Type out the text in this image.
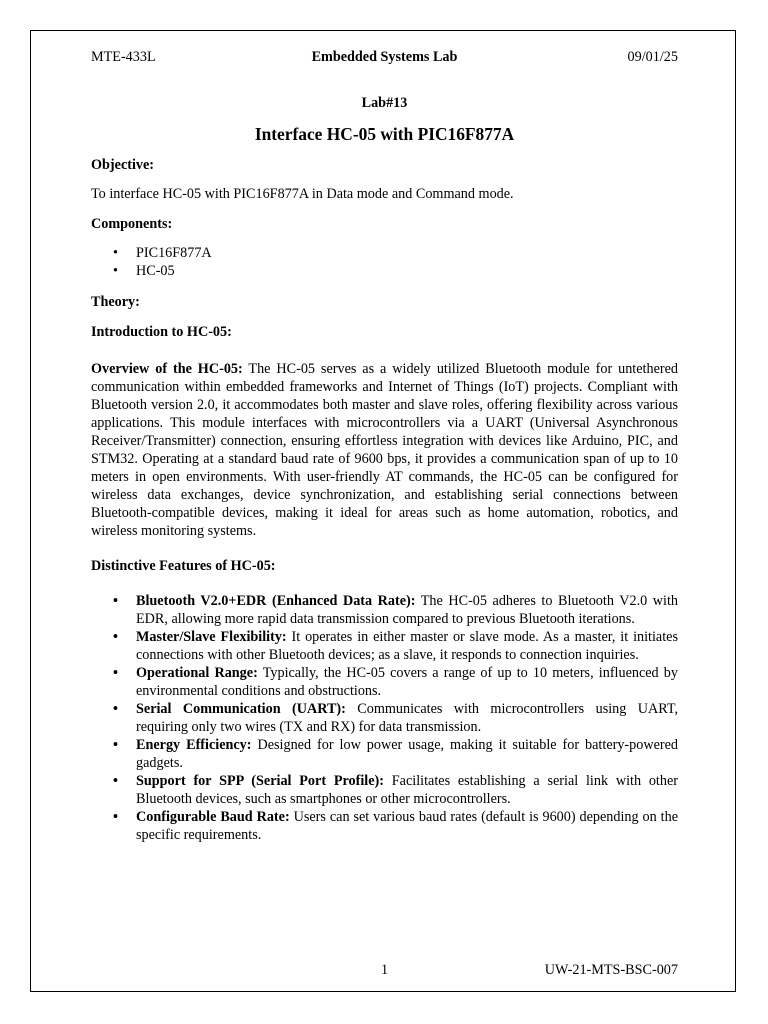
MTE-433L	Embedded Systems Lab	09/01/25
Lab#13
Interface HC-05 with PIC16F877A
Objective:
To interface HC-05 with PIC16F877A in Data mode and Command mode.
Components:
• PIC16F877A
• HC-05
Theory:
Introduction to HC-05:
Overview of the HC-05: The HC-05 serves as a widely utilized Bluetooth module for untethered communication within embedded frameworks and Internet of Things (IoT) projects. Compliant with Bluetooth version 2.0, it accommodates both master and slave roles, offering flexibility across various applications. This module interfaces with microcontrollers via a UART (Universal Asynchronous Receiver/Transmitter) connection, ensuring effortless integration with devices like Arduino, PIC, and STM32. Operating at a standard baud rate of 9600 bps, it provides a communication span of up to 10 meters in open environments. With user-friendly AT commands, the HC-05 can be configured for wireless data exchanges, device synchronization, and establishing serial connections between Bluetooth-compatible devices, making it ideal for areas such as home automation, robotics, and wireless monitoring systems.
Distinctive Features of HC-05:
• Bluetooth V2.0+EDR (Enhanced Data Rate): The HC-05 adheres to Bluetooth V2.0 with EDR, allowing more rapid data transmission compared to previous Bluetooth iterations.
• Master/Slave Flexibility: It operates in either master or slave mode. As a master, it initiates connections with other Bluetooth devices; as a slave, it responds to connection inquiries.
• Operational Range: Typically, the HC-05 covers a range of up to 10 meters, influenced by environmental conditions and obstructions.
• Serial Communication (UART): Communicates with microcontrollers using UART, requiring only two wires (TX and RX) for data transmission.
• Energy Efficiency: Designed for low power usage, making it suitable for battery-powered gadgets.
• Support for SPP (Serial Port Profile): Facilitates establishing a serial link with other Bluetooth devices, such as smartphones or other microcontrollers.
• Configurable Baud Rate: Users can set various baud rates (default is 9600) depending on the specific requirements.
1	UW-21-MTS-BSC-007
